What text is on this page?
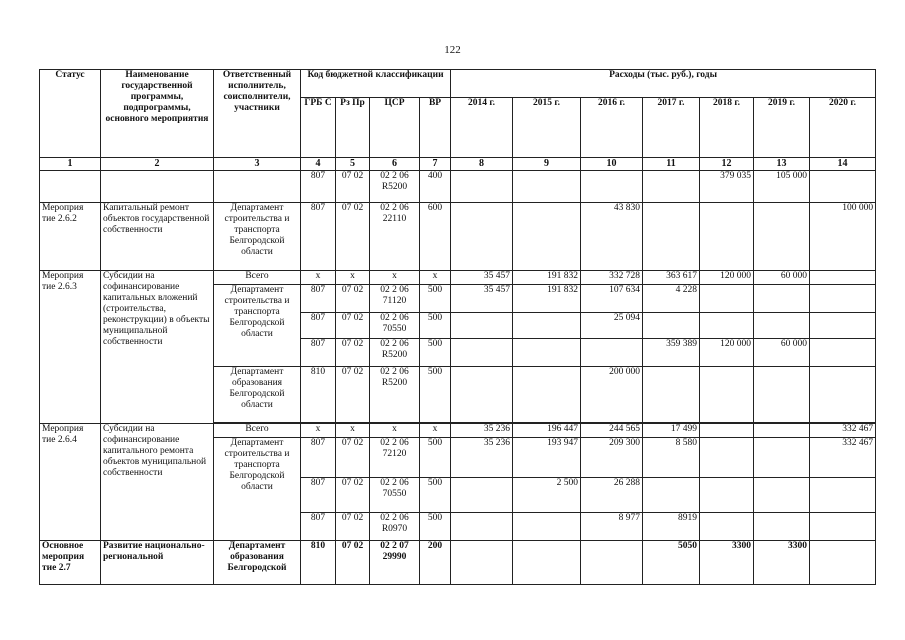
122
Статус	Наименование государственной программы, подпрограммы, основного мероприятия	Ответственный исполнитель, соисполнители, участники	Код бюджетной классификации				Расходы (тыс. руб.), годы						
			ГРБ С	Рз Пр	ЦСР	ВР	2014 г.	2015 г.	2016 г.	2017 г.	2018 г.	2019 г.	2020 г.
1	2	3	4	5	6	7	8	9	10	11	12	13	14
			807	07 02	02 2 06 R5200	400					379 035	105 000	
Мероприя тие 2.6.2	Капитальный ремонт объектов государственной собственности	Департамент строительства и транспорта Белгородской области	807	07 02	02 2 06 22110	600			43 830				100 000
Мероприя тие 2.6.3	Субсидии на софинансирование капитальных вложений (строительства, реконструкции) в объекты муниципальной собственности	Всего	х	х	х	х	35 457	191 832	332 728	363 617	120 000	60 000	
		Департамент строительства и транспорта Белгородской области	807	07 02	02 2 06 71120	500	35 457	191 832	107 634	4 228			
			807	07 02	02 2 06 70550	500			25 094				
			807	07 02	02 2 06 R5200	500				359 389	120 000	60 000	
		Департамент образования Белгородской области	810	07 02	02 2 06 R5200	500			200 000				

Мероприя тие 2.6.4	Субсидии на софинансирование капитального ремонта объектов муниципальной собственности	Всего	х	х	х	х	35 236	196 447	244 565	17 499			332 467
		Департамент строительства и транспорта Белгородской области	807	07 02	02 2 06 72120	500	35 236	193 947	209 300	8 580			332 467
			807	07 02	02 2 06 70550	500		2 500	26 288				
			807	07 02	02 2 06 R0970	500			8 977	8919			
Основное мероприя тие 2.7	Развитие национально-региональной	Департамент образования Белгородской	810	07 02	02 2 07 29990	200				5050	3300	3300	
